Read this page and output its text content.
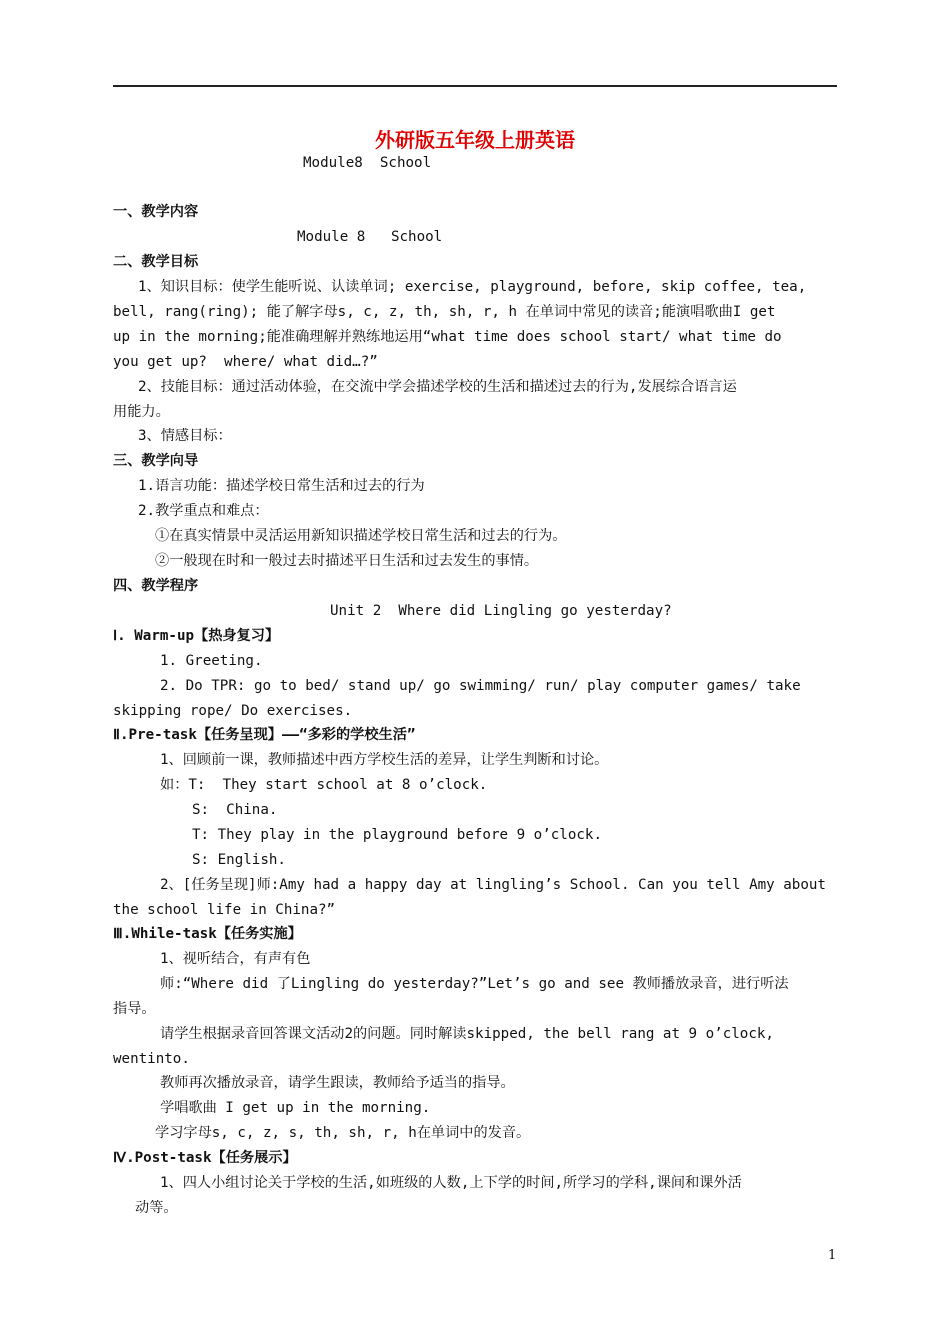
外研版五年级上册英语
Module8  School
一、教学内容
Module 8   School
二、教学目标
1、知识目标：使学生能听说、认读单词; exercise, playground, before, skip coffee, tea,
bell, rang(ring); 能了解字母s, c, z, th, sh, r, h 在单词中常见的读音;能演唱歌曲I get
up in the morning;能准确理解并熟练地运用“what time does school start/ what time do
you get up?  where/ what did…?”
2、技能目标：通过活动体验，在交流中学会描述学校的生活和描述过去的行为,发展综合语言运
用能力。
3、情感目标：
三、教学向导
1.语言功能：描述学校日常生活和过去的行为
2.教学重点和难点：
①在真实情景中灵活运用新知识描述学校日常生活和过去的行为。
②一般现在时和一般过去时描述平日生活和过去发生的事情。
四、教学程序
Unit 2  Where did Lingling go yesterday?
Ⅰ. Warm-up【热身复习】
1. Greeting.
2. Do TPR: go to bed/ stand up/ go swimming/ run/ play computer games/ take
skipping rope/ Do exercises.
Ⅱ.Pre-task【任务呈现】——“多彩的学校生活”
1、回顾前一课，教师描述中西方学校生活的差异，让学生判断和讨论。
如：T:  They start school at 8 o’clock.
S:  China.
T: They play in the playground before 9 o’clock.
S: English.
2、[任务呈现]师:Amy had a happy day at lingling’s School. Can you tell Amy about
the school life in China?”
Ⅲ.While-task【任务实施】
1、视听结合，有声有色
师:“Where did 了Lingling do yesterday?”Let’s go and see 教师播放录音，进行听法
指导。
请学生根据录音回答课文活动2的问题。同时解读skipped, the bell rang at 9 o’clock,
wentinto.
教师再次播放录音，请学生跟读，教师给予适当的指导。
学唱歌曲 I get up in the morning.
学习字母s, c, z, s, th, sh, r, h在单词中的发音。
Ⅳ.Post-task【任务展示】
1、四人小组讨论关于学校的生活,如班级的人数,上下学的时间,所学习的学科,课间和课外活
动等。
1
